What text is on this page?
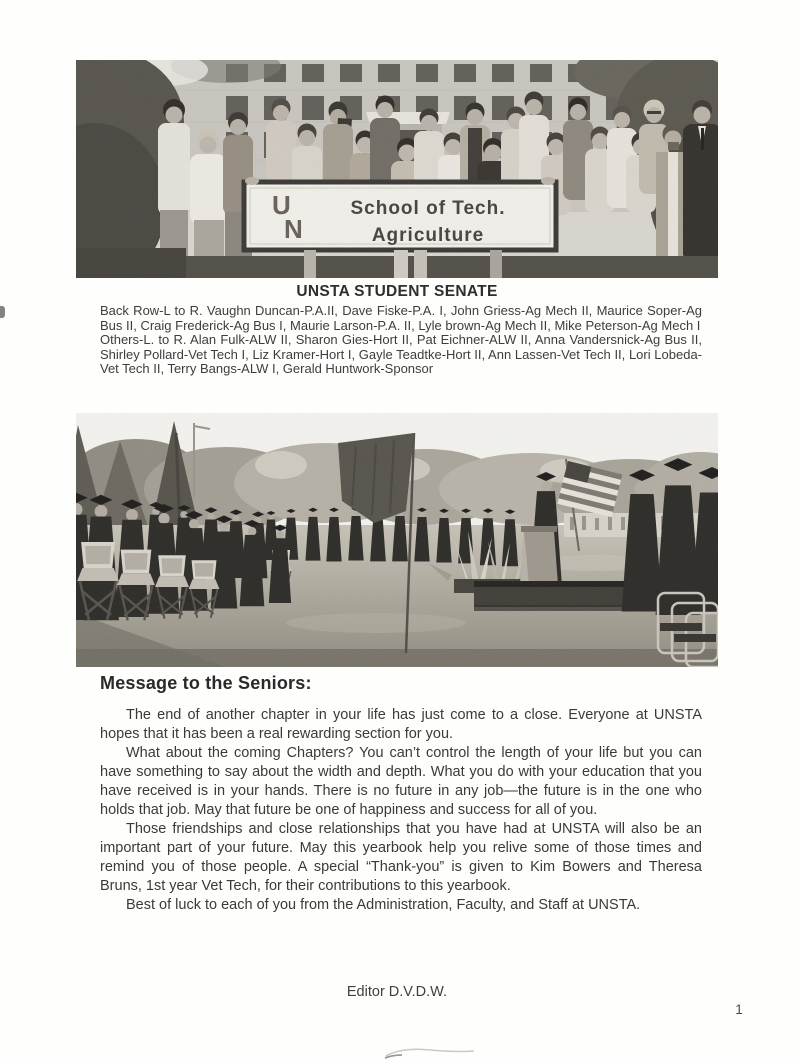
U
N
School of Tech.
Agriculture
UNSTA STUDENT SENATE
Back Row-L to R. Vaughn Duncan-P.A.II, Dave Fiske-P.A. I, John Griess-Ag Mech II, Maurice Soper-Ag Bus II, Craig Frederick-Ag Bus I, Maurie Larson-P.A. II, Lyle brown-Ag Mech II, Mike Peterson-Ag Mech I
Others-L. to R. Alan Fulk-ALW II, Sharon Gies-Hort II, Pat Eichner-ALW II, Anna Vandersnick-Ag Bus II, Shirley Pollard-Vet Tech I, Liz Kramer-Hort I, Gayle Teadtke-Hort II, Ann Lassen-Vet Tech II, Lori Lobeda-Vet Tech II, Terry Bangs-ALW I, Gerald Huntwork-Sponsor
Message to the Seniors:

The end of another chapter in your life has just come to a close. Everyone at UNSTA hopes that it has been a real rewarding section for you.

What about the coming Chapters? You can’t control the length of your life but you can have something to say about the width and depth. What you do with your education that you have received is in your hands. There is no future in any job—the future is in the one who holds that job. May that future be one of happiness and success for all of you.

Those friendships and close relationships that you have had at UNSTA will also be an important part of your future. May this yearbook help you relive some of those times and remind you of those people. A special “Thank-you” is given to Kim Bowers and Theresa Bruns, 1st year Vet Tech, for their contributions to this yearbook.

Best of luck to each of you from the Administration, Faculty, and Staff at UNSTA.

Editor D.V.D.W.
1
